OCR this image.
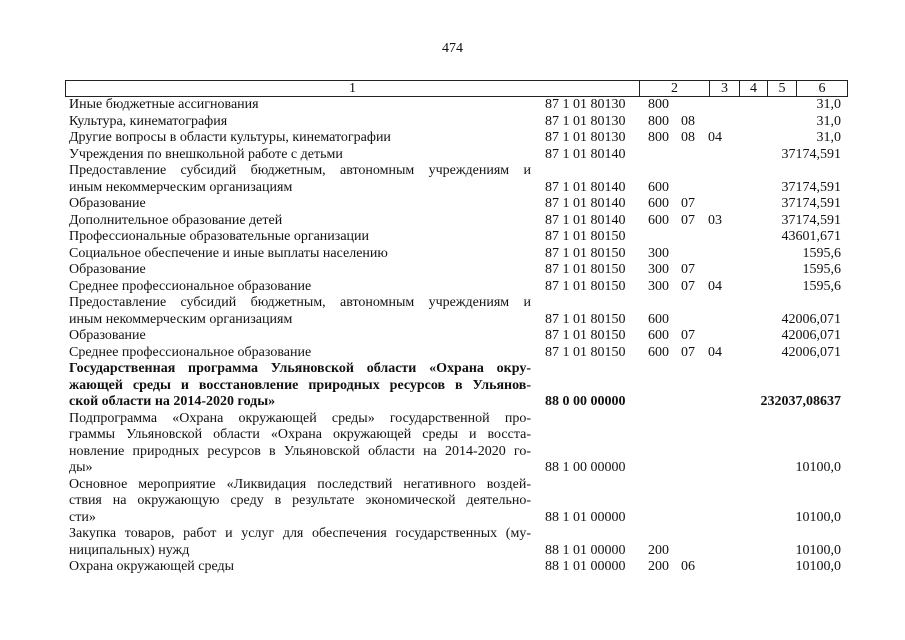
474
1	2	3	4	5	6
Иные бюджетные ассигнования	87 1 01 80130 800	31,0
Культура, кинематография	87 1 01 80130 800 08	31,0
Другие вопросы в области культуры, кинематографии	87 1 01 80130 800 08 04	31,0
Учреждения по внешкольной работе с детьми	87 1 01 80140	37174,591
Предоставление субсидий бюджетным, автономным учреждениям и
иным некоммерческим организациям	87 1 01 80140 600	37174,591
Образование	87 1 01 80140 600 07	37174,591
Дополнительное образование детей	87 1 01 80140 600 07 03	37174,591
Профессиональные образовательные организации	87 1 01 80150	43601,671
Социальное обеспечение и иные выплаты населению	87 1 01 80150 300	1595,6
Образование	87 1 01 80150 300 07	1595,6
Среднее профессиональное образование	87 1 01 80150 300 07 04	1595,6
Предоставление субсидий бюджетным, автономным учреждениям и
иным некоммерческим организациям	87 1 01 80150 600	42006,071
Образование	87 1 01 80150 600 07	42006,071
Среднее профессиональное образование	87 1 01 80150 600 07 04	42006,071
Государственная программа Ульяновской области «Охрана окру-
жающей среды и восстановление природных ресурсов в Ульянов-
ской области на 2014-2020 годы»	88 0 00 00000	232037,08637
Подпрограмма «Охрана окружающей среды» государственной про-
граммы Ульяновской области «Охрана окружающей среды и восста-
новление природных ресурсов в Ульяновской области на 2014-2020 го-
ды»	88 1 00 00000	10100,0
Основное мероприятие «Ликвидация последствий негативного воздей-
ствия на окружающую среду в результате экономической деятельно-
сти»	88 1 01 00000	10100,0
Закупка товаров, работ и услуг для обеспечения государственных (му-
ниципальных) нужд	88 1 01 00000 200	10100,0
Охрана окружающей среды	88 1 01 00000 200 06	10100,0
